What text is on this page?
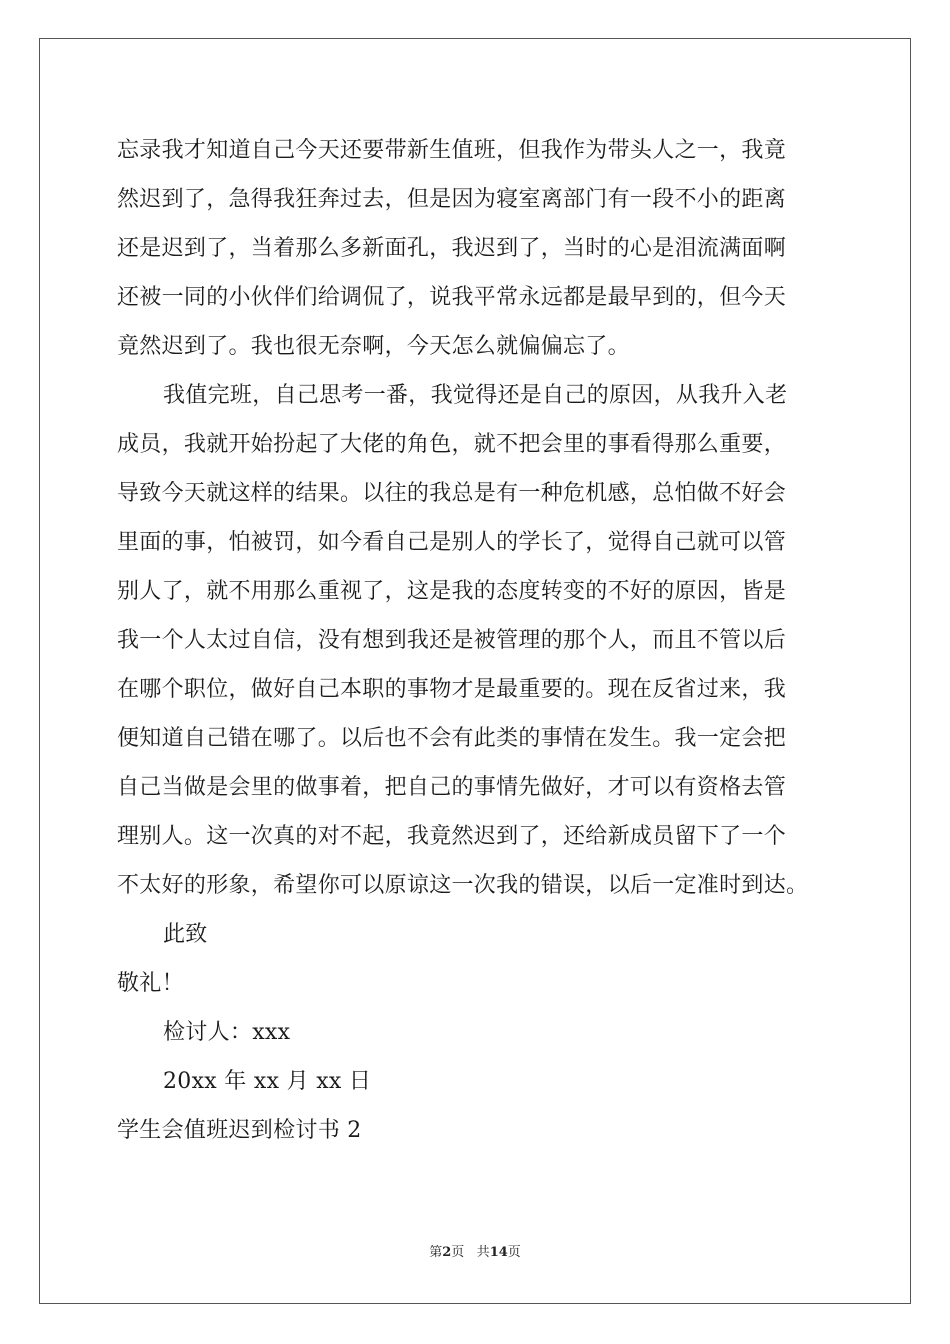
忘录我才知道自己今天还要带新生值班，但我作为带头人之一，我竟
然迟到了，急得我狂奔过去，但是因为寝室离部门有一段不小的距离
还是迟到了，当着那么多新面孔，我迟到了，当时的心是泪流满面啊
还被一同的小伙伴们给调侃了，说我平常永远都是最早到的，但今天
竟然迟到了。我也很无奈啊，今天怎么就偏偏忘了。
我值完班，自己思考一番，我觉得还是自己的原因，从我升入老
成员，我就开始扮起了大佬的角色，就不把会里的事看得那么重要，
导致今天就这样的结果。以往的我总是有一种危机感，总怕做不好会
里面的事，怕被罚，如今看自己是别人的学长了，觉得自己就可以管
别人了，就不用那么重视了，这是我的态度转变的不好的原因，皆是
我一个人太过自信，没有想到我还是被管理的那个人，而且不管以后
在哪个职位，做好自己本职的事物才是最重要的。现在反省过来，我
便知道自己错在哪了。以后也不会有此类的事情在发生。我一定会把
自己当做是会里的做事着，把自己的事情先做好，才可以有资格去管
理别人。这一次真的对不起，我竟然迟到了，还给新成员留下了一个
不太好的形象，希望你可以原谅这一次我的错误，以后一定准时到达。
此致
敬礼！
检讨人：xxx
20xx 年 xx 月 xx 日
学生会值班迟到检讨书 2
第2页 共14页
